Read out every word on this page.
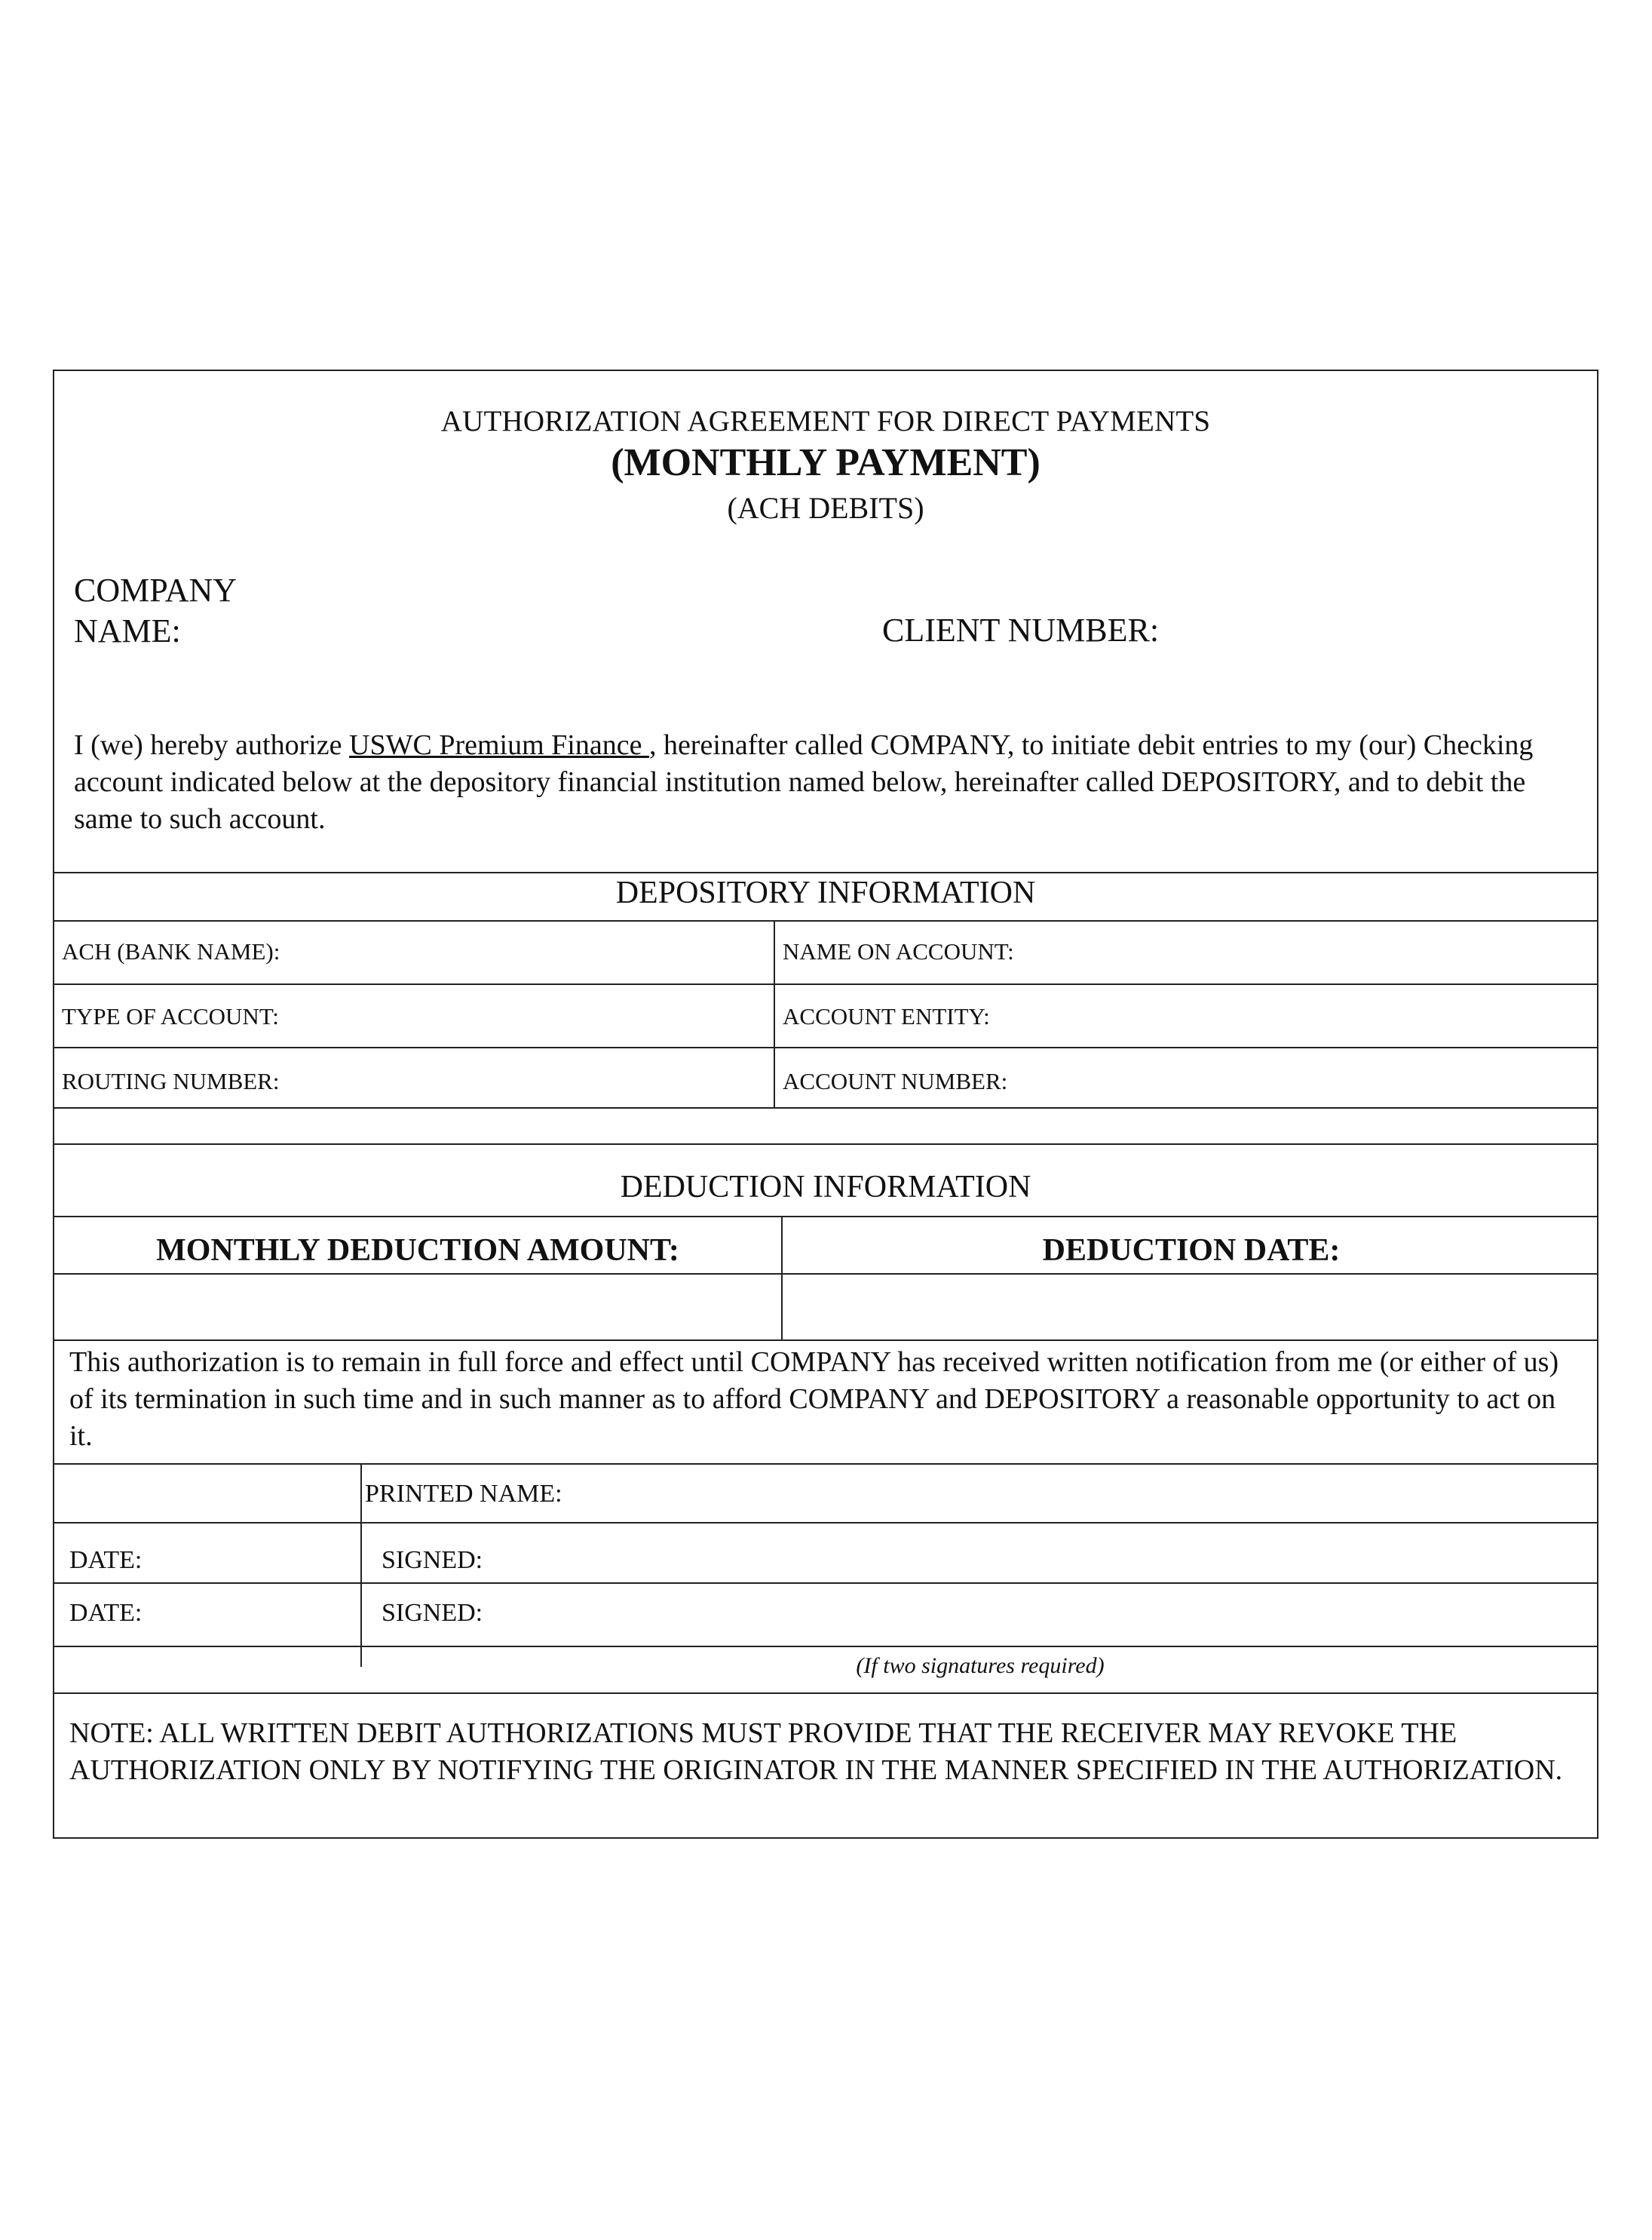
AUTHORIZATION AGREEMENT FOR DIRECT PAYMENTS
(MONTHLY PAYMENT)
(ACH DEBITS)
COMPANY
NAME:	CLIENT NUMBER:
I (we) hereby authorize USWC Premium Finance , hereinafter called COMPANY, to initiate debit entries to my (our) Checking account indicated below at the depository financial institution named below, hereinafter called DEPOSITORY, and to debit the same to such account.
DEPOSITORY INFORMATION
ACH (BANK NAME):	NAME ON ACCOUNT:
TYPE OF ACCOUNT:	ACCOUNT ENTITY:
ROUTING NUMBER:	ACCOUNT NUMBER:
DEDUCTION INFORMATION
MONTHLY DEDUCTION AMOUNT:	DEDUCTION DATE:
This authorization is to remain in full force and effect until COMPANY has received written notification from me (or either of us) of its termination in such time and in such manner as to afford COMPANY and DEPOSITORY a reasonable opportunity to act on it.
PRINTED NAME:
DATE:	SIGNED:
DATE:	SIGNED:
(If two signatures required)
NOTE: ALL WRITTEN DEBIT AUTHORIZATIONS MUST PROVIDE THAT THE RECEIVER MAY REVOKE THE AUTHORIZATION ONLY BY NOTIFYING THE ORIGINATOR IN THE MANNER SPECIFIED IN THE AUTHORIZATION.
